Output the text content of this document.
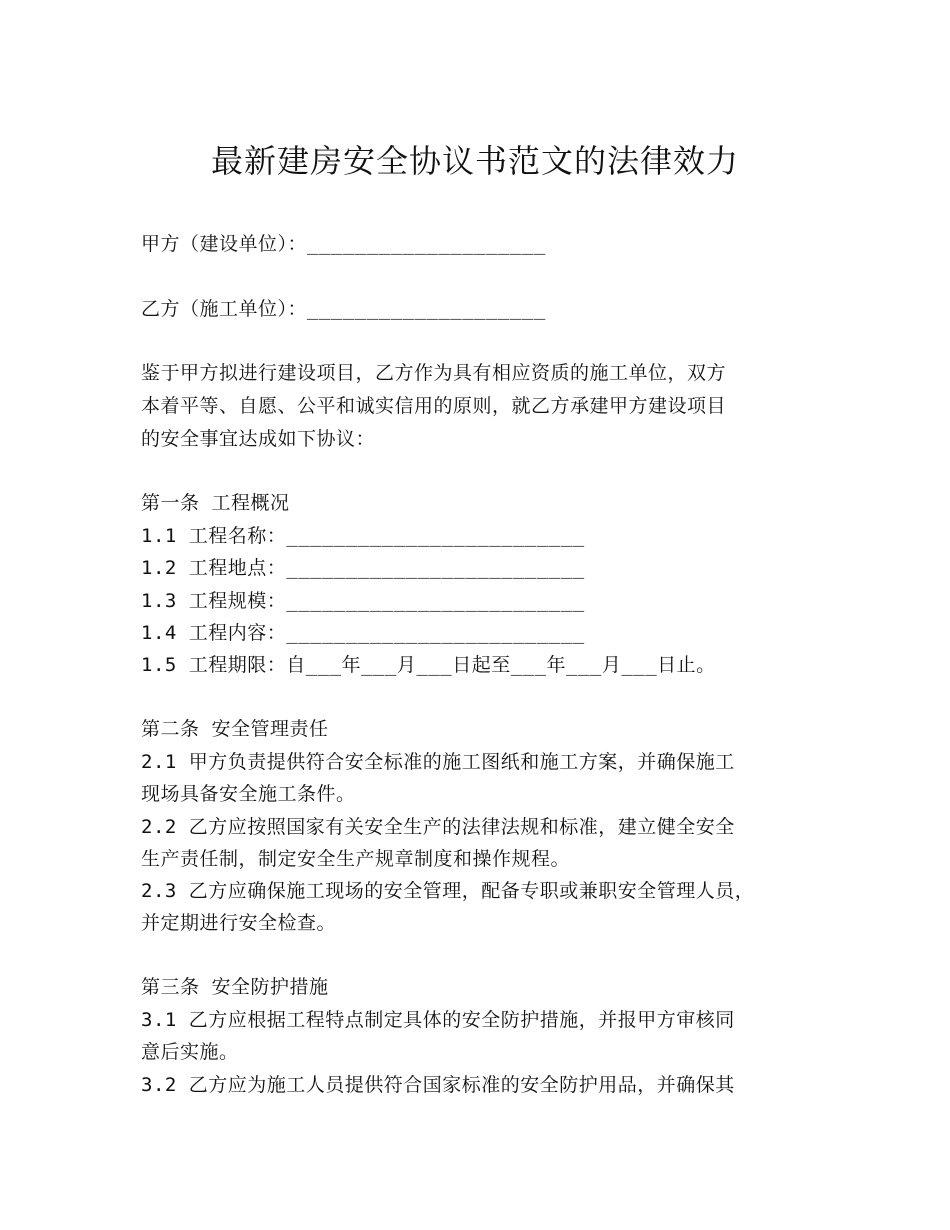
最新建房安全协议书范文的法律效力
甲方（建设单位）：____________________
乙方（施工单位）：____________________
鉴于甲方拟进行建设项目，乙方作为具有相应资质的施工单位，双方
本着平等、自愿、公平和诚实信用的原则，就乙方承建甲方建设项目
的安全事宜达成如下协议：
第一条 工程概况
1.1 工程名称：_________________________
1.2 工程地点：_________________________
1.3 工程规模：_________________________
1.4 工程内容：_________________________
1.5 工程期限：自___年___月___日起至___年___月___日止。
第二条 安全管理责任
2.1 甲方负责提供符合安全标准的施工图纸和施工方案，并确保施工
现场具备安全施工条件。
2.2 乙方应按照国家有关安全生产的法律法规和标准，建立健全安全
生产责任制，制定安全生产规章制度和操作规程。
2.3 乙方应确保施工现场的安全管理，配备专职或兼职安全管理人员，
并定期进行安全检查。
第三条 安全防护措施
3.1 乙方应根据工程特点制定具体的安全防护措施，并报甲方审核同
意后实施。
3.2 乙方应为施工人员提供符合国家标准的安全防护用品，并确保其
